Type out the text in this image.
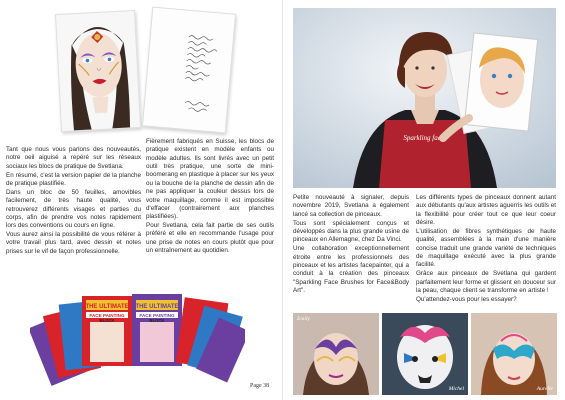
Tant que nous vous parlons des nouveautés, notre oeil aiguisé a repéré sur les réseaux sociaux les blocs de pratique de Svetlana.

En résumé, c'est la version papier de la planche de pratique plastifiée.

Dans un bloc de 50 feuilles, amovibles facilement, de très haute qualité, vous retrouverez différents visages et parties du corps, afin de prendre vos notes rapidement lors des conventions ou cours en ligne.

Vous aurez ainsi la possibilité de vous référer à votre travail plus tard, avec dessin et notes prises sur le vif de façon professionnelle.

Fièrement fabriqués en Suisse, les blocs de pratique existent en modèle enfants ou modèle adultes. Ils sont livrés avec un petit outil très pratique, une sorte de mini-boomerang en plastique à placer sur les yeux ou la bouche de la planche de dessin afin de ne pas appliquer la couleur dessus lors de votre maquillage, comme il est impossible d'effacer (contrairement aux planches plastifiées).

Pour Svetlana, cela fait partie de ses outils préféré et elle en recommande l'usage pour une prise de notes en cours plutôt que pour un entraînement au quotidien.

THE ULTIMATE
FACE PAINTING
BLOCK
THE ULTIMATE
FACE PAINTING
BLOCK
Page 38
Sparkling faces

Petite nouveauté à signaler, depuis novembre 2019, Svetlana a également lancé sa collection de pinceaux.

Tous sont spécialement conçus et développés dans la plus grande usine de pinceaux en Allemagne, chez Da Vinci.

Une collaboration exceptionnellement étroite entre les professionnels des pinceaux et les artistes facepainter, qui a conduit à la création des pinceaux "Sparkling Face Brushes for Face&Body Art".

Les différents types de pinceaux donnent autant aux débutants qu'aux artistes aguerris les outils et la flexibilité pour créer tout ce que leur coeur désire.

L'utilisation de fibres synthétiques de haute qualité, assemblées à la main d'une manière concise traduit une grande variété de techniques de maquillage exécuté avec la plus grande facilité.

Grâce aux pinceaux de Svetlana qui gardent parfaitement leur forme et glissent en douceur sur la peau, chaque client se transforme en artiste !

Qu'attendez-vous pour les essayer?

Emily
Michel	Aurélie
